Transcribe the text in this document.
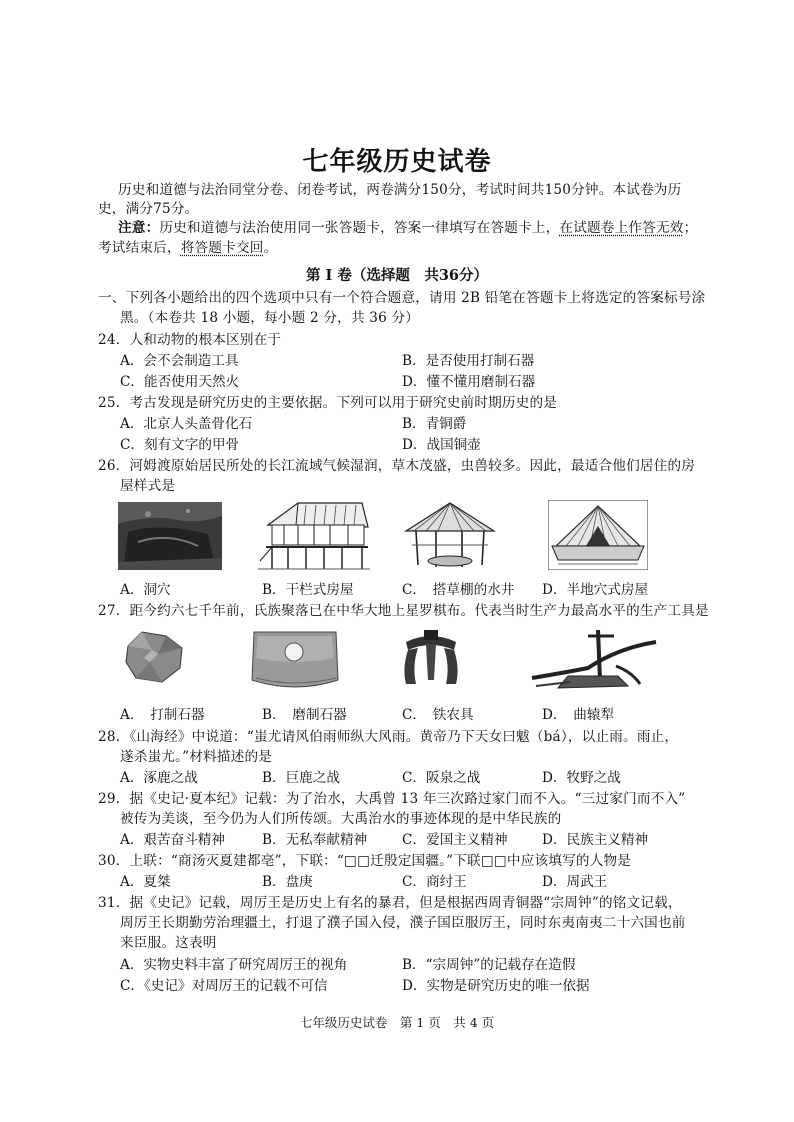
七年级历史试卷
历史和道德与法治同堂分卷、闭卷考试，两卷满分150分，考试时间共150分钟。本试卷为历
史，满分75分。
注意：历史和道德与法治使用同一张答题卡，答案一律填写在答题卡上，在试题卷上作答无效；
考试结束后，将答题卡交回。
第 I 卷（选择题　共36分）
一、下列各小题给出的四个选项中只有一个符合题意，请用 2B 铅笔在答题卡上将选定的答案标号涂
黑。（本卷共 18 小题，每小题 2 分，共 36 分）
24．人和动物的根本区别在于
A．会不会制造工具	B．是否使用打制石器
C．能否使用天然火	D．懂不懂用磨制石器
25．考古发现是研究历史的主要依据。下列可以用于研究史前时期历史的是
A．北京人头盖骨化石	B．青铜爵
C．刻有文字的甲骨	D．战国铜壶
26．河姆渡原始居民所处的长江流域气候湿润，草木茂盛，虫兽较多。因此，最适合他们居住的房
屋样式是
A．洞穴	B．干栏式房屋	C．　搭草棚的水井 D．半地穴式房屋
27．距今约六七千年前，氏族聚落已在中华大地上星罗棋布。代表当时生产力最高水平的生产工具是
A．　打制石器	B．　磨制石器	C．　铁农具	D．　曲辕犁
28．《山海经》中说道：“蚩尤请风伯雨师纵大风雨。黄帝乃下天女曰魃（bá），以止雨。雨止，
遂杀蚩尤。”材料描述的是
A．涿鹿之战	B．巨鹿之战	C．阪泉之战	D．牧野之战
29．据《史记·夏本纪》记载：为了治水，大禹曾 13 年三次路过家门而不入。“三过家门而不入”
被传为美谈，至今仍为人们所传颂。大禹治水的事迹体现的是中华民族的
A．艰苦奋斗精神	B．无私奉献精神	C．爱国主义精神	D．民族主义精神
30．上联：“商汤灭夏建都亳”，下联：“□□迁殷定国疆。”下联□□中应该填写的人物是
A．夏桀	B．盘庚	C．商纣王	D．周武王
31．据《史记》记载，周厉王是历史上有名的暴君，但是根据西周青铜器“宗周钟”的铭文记载，
周厉王长期勤劳治理疆土，打退了濮子国入侵，濮子国臣服厉王，同时东夷南夷二十六国也前
来臣服。这表明
A．实物史料丰富了研究周厉王的视角	B．“宗周钟”的记载存在造假
C．《史记》对周厉王的记载不可信	D．实物是研究历史的唯一依据
七年级历史试卷　第 1 页　共 4 页
